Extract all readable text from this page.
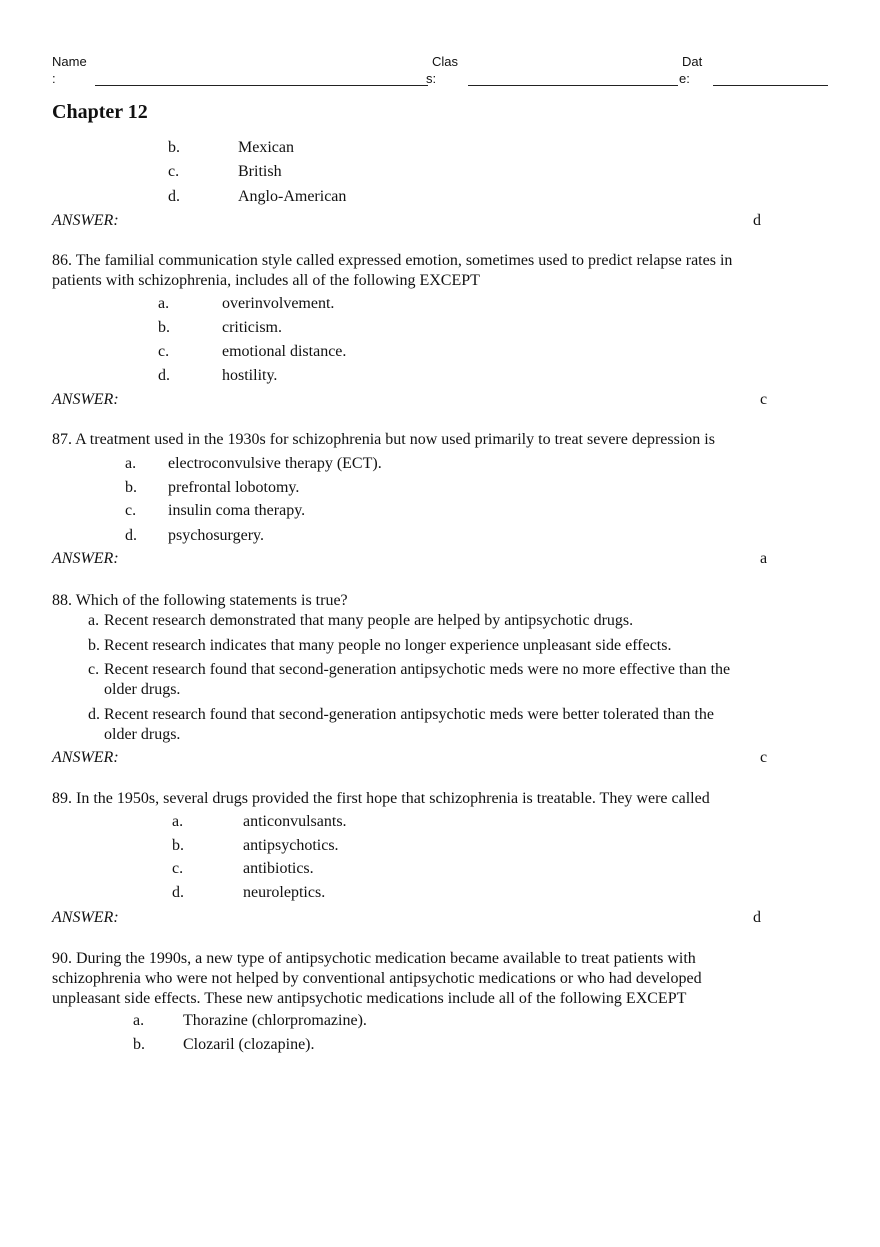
Name
:
Clas
s:
Dat
e:
Chapter 12
b.	Mexican
c.	British
d.	Anglo-American
ANSWER:	d
86. The familial communication style called expressed emotion, sometimes used to predict relapse rates in
patients with schizophrenia, includes all of the following EXCEPT
a.	overinvolvement.
b.	criticism.
c.	emotional distance.
d.	hostility.
ANSWER:	c
87. A treatment used in the 1930s for schizophrenia but now used primarily to treat severe depression is
a. electroconvulsive therapy (ECT).
b. prefrontal lobotomy.
c. insulin coma therapy.
d. psychosurgery.
ANSWER:	a
88. Which of the following statements is true?
a. Recent research demonstrated that many people are helped by antipsychotic drugs.
b. Recent research indicates that many people no longer experience unpleasant side effects.
c. Recent research found that second-generation antipsychotic meds were no more effective than the
older drugs.
d. Recent research found that second-generation antipsychotic meds were better tolerated than the
older drugs.
ANSWER:	c
89. In the 1950s, several drugs provided the first hope that schizophrenia is treatable. They were called
a.	anticonvulsants.
b.	antipsychotics.
c.	antibiotics.
d.	neuroleptics.
ANSWER:	d
90. During the 1990s, a new type of antipsychotic medication became available to treat patients with
schizophrenia who were not helped by conventional antipsychotic medications or who had developed
unpleasant side effects. These new antipsychotic medications include all of the following EXCEPT
a. Thorazine (chlorpromazine).
b. Clozaril (clozapine).
